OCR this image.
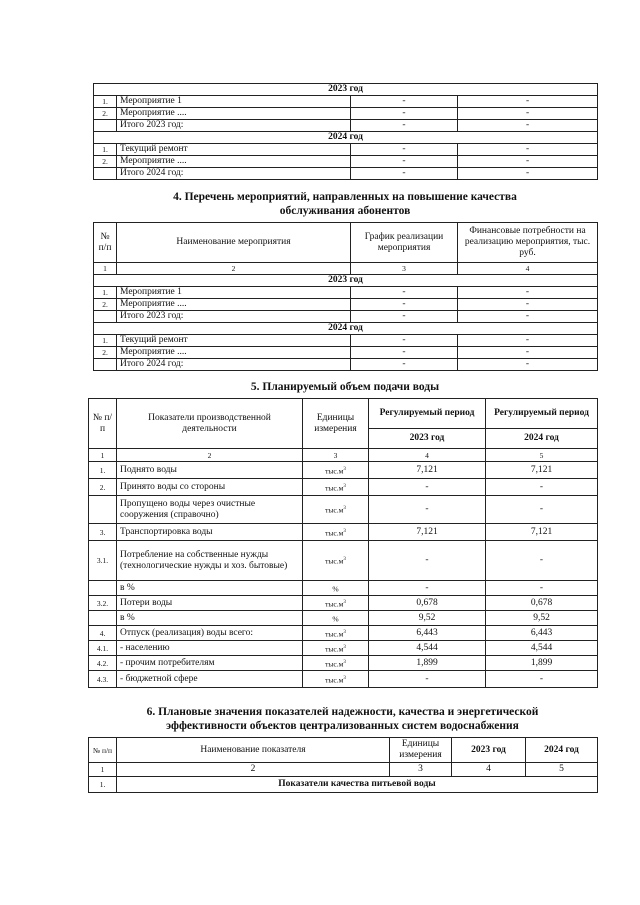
2023 год			
1.	Мероприятие 1	-	-
2.	Мероприятие ....	-	-
	Итого 2023 год:	-	-
2024 год			
1.	Текущий ремонт	-	-
2.	Мероприятие ....	-	-
	Итого 2024 год:	-	-
4. Перечень мероприятий, направленных на повышение качества
обслуживания абонентов
№ п/п	Наименование мероприятия	График реализации мероприятия	Финансовые потребности на реализацию мероприятия, тыс. руб.
1	2	3	4
2023 год			
1.	Мероприятие 1	-	-
2.	Мероприятие ....	-	-
	Итого 2023 год:	-	-
2024 год			
1.	Текущий ремонт	-	-
2.	Мероприятие ....	-	-
	Итого 2024 год:	-	-
5. Планируемый объем подачи воды
№ п/п	Показатели производственной деятельности	Единицы измерения	Регулируемый период	Регулируемый период
			2023 год	2024 год
1	2	3	4	5
1.	Поднято воды	$тыс.м^3$	7,121	7,121
2.	Принято воды со стороны	$тыс.м^3$	-	-
	Пропущено воды через очистные сооружения (справочно)	$тыс.м^3$	-	-
3.	Транспортировка воды	$тыс.м^3$	7,121	7,121
3.1.	Потребление на собственные нужды (технологические нужды и хоз. бытовые)	$тыс.м^3$	-	-
	в %	%	-	-
3.2.	Потери воды	$тыс.м^3$	0,678	0,678
	в %	%	9,52	9,52
4.	Отпуск (реализация) воды всего:	$тыс.м^3$	6,443	6,443
4.1.	- населению	$тыс.м^3$	4,544	4,544
4.2.	- прочим потребителям	$тыс.м^3$	1,899	1,899
4.3.	- бюджетной сфере	$тыс.м^3$	-	-
6. Плановые значения показателей надежности, качества и энергетической
эффективности объектов централизованных систем водоснабжения
№ п/п	Наименование показателя	Единицы измерения	2023 год	2024 год
1	2	3	4	5
1.	Показатели качества питьевой воды			
